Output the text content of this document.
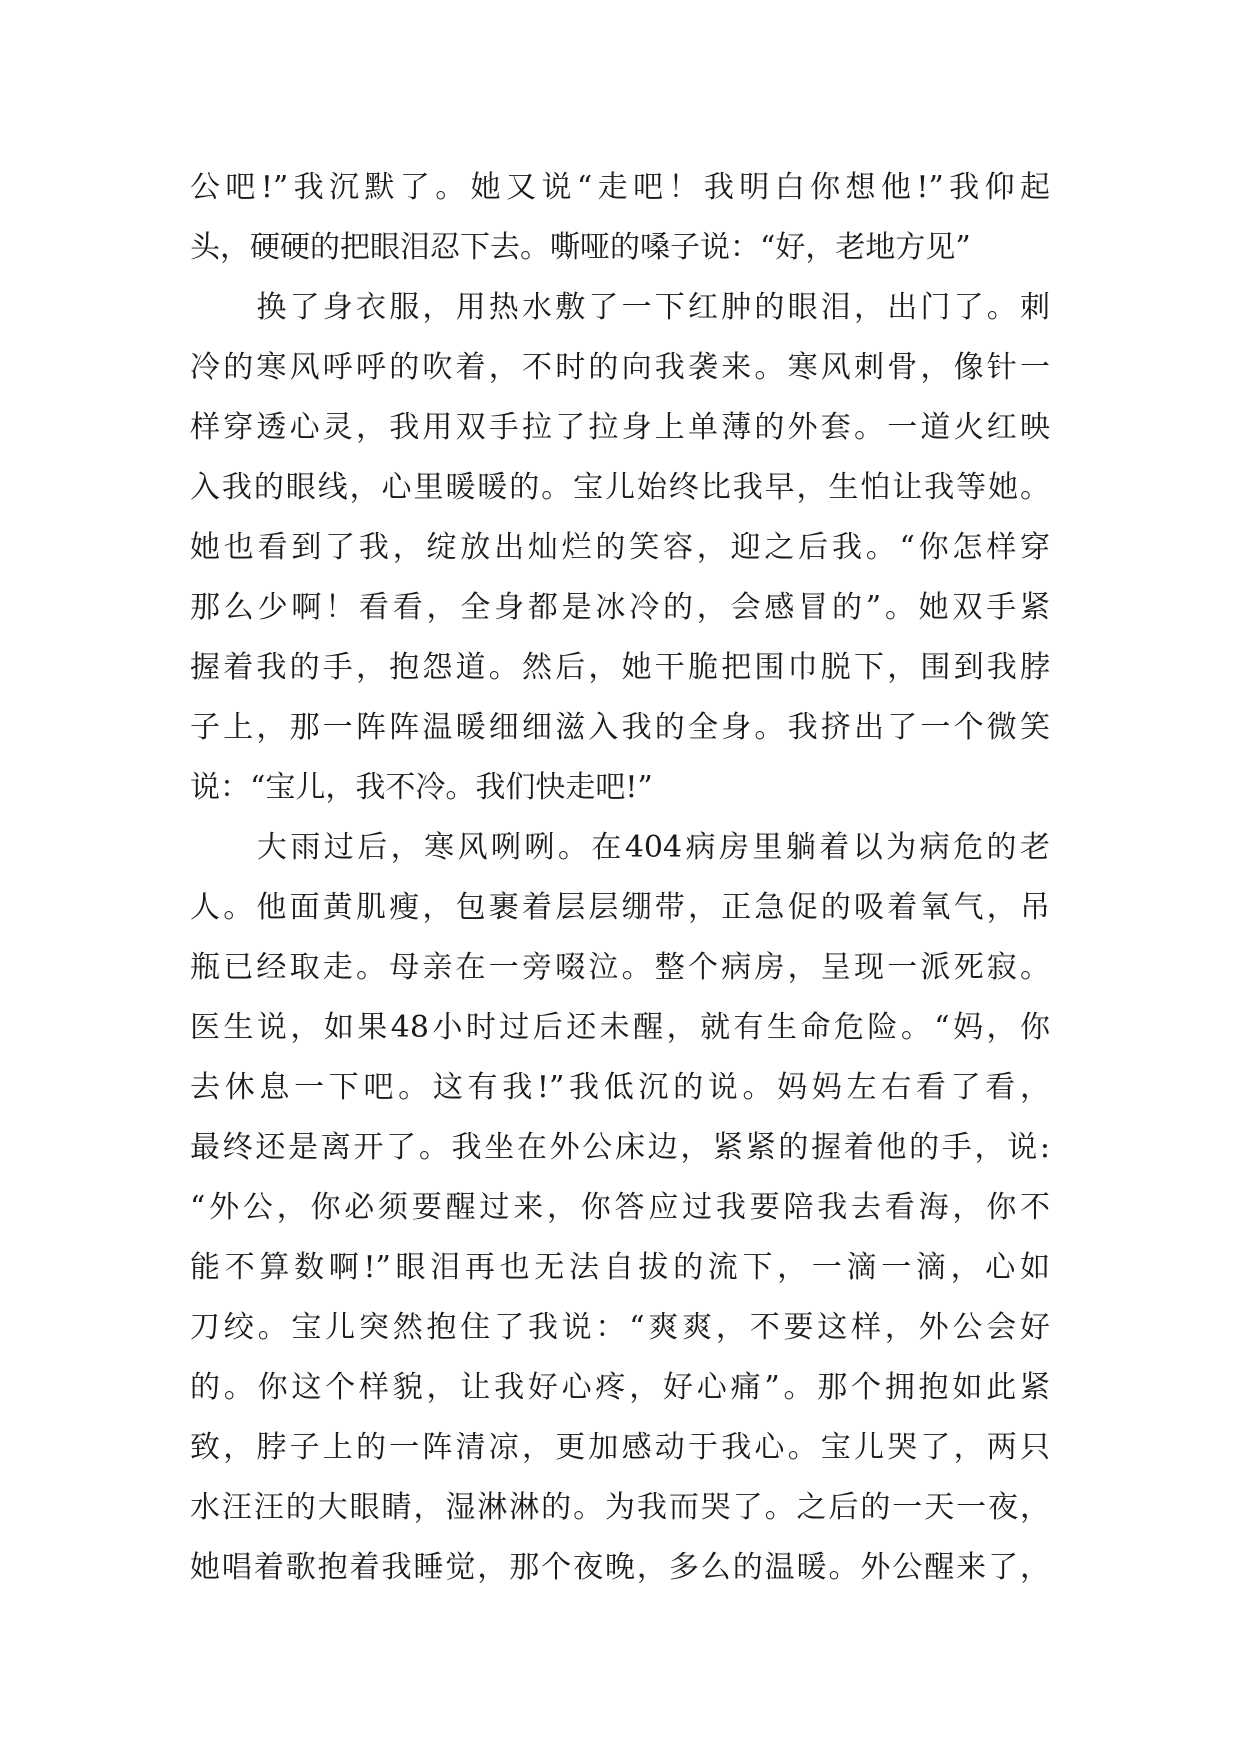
公吧!”我沉默了。她又说“走吧！我明白你想他!”我仰起
头，硬硬的把眼泪忍下去。嘶哑的嗓子说：“好，老地方见”
　　换了身衣服，用热水敷了一下红肿的眼泪，出门了。刺
冷的寒风呼呼的吹着，不时的向我袭来。寒风刺骨，像针一
样穿透心灵，我用双手拉了拉身上单薄的外套。一道火红映
入我的眼线，心里暖暖的。宝儿始终比我早，生怕让我等她。
她也看到了我，绽放出灿烂的笑容，迎之后我。“你怎样穿
那么少啊！看看，全身都是冰冷的，会感冒的”。她双手紧
握着我的手，抱怨道。然后，她干脆把围巾脱下，围到我脖
子上，那一阵阵温暖细细滋入我的全身。我挤出了一个微笑
说：“宝儿，我不冷。我们快走吧!”
　　大雨过后，寒风咧咧。在404病房里躺着以为病危的老
人。他面黄肌瘦，包裹着层层绷带，正急促的吸着氧气，吊
瓶已经取走。母亲在一旁啜泣。整个病房，呈现一派死寂。
医生说，如果48小时过后还未醒，就有生命危险。“妈，你
去休息一下吧。这有我!”我低沉的说。妈妈左右看了看，
最终还是离开了。我坐在外公床边，紧紧的握着他的手，说:
“外公，你必须要醒过来，你答应过我要陪我去看海，你不
能不算数啊!”眼泪再也无法自拔的流下，一滴一滴，心如
刀绞。宝儿突然抱住了我说：“爽爽，不要这样，外公会好
的。你这个样貌，让我好心疼，好心痛”。那个拥抱如此紧
致，脖子上的一阵清凉，更加感动于我心。宝儿哭了，两只
水汪汪的大眼睛，湿淋淋的。为我而哭了。之后的一天一夜，
她唱着歌抱着我睡觉，那个夜晚，多么的温暖。外公醒来了，
